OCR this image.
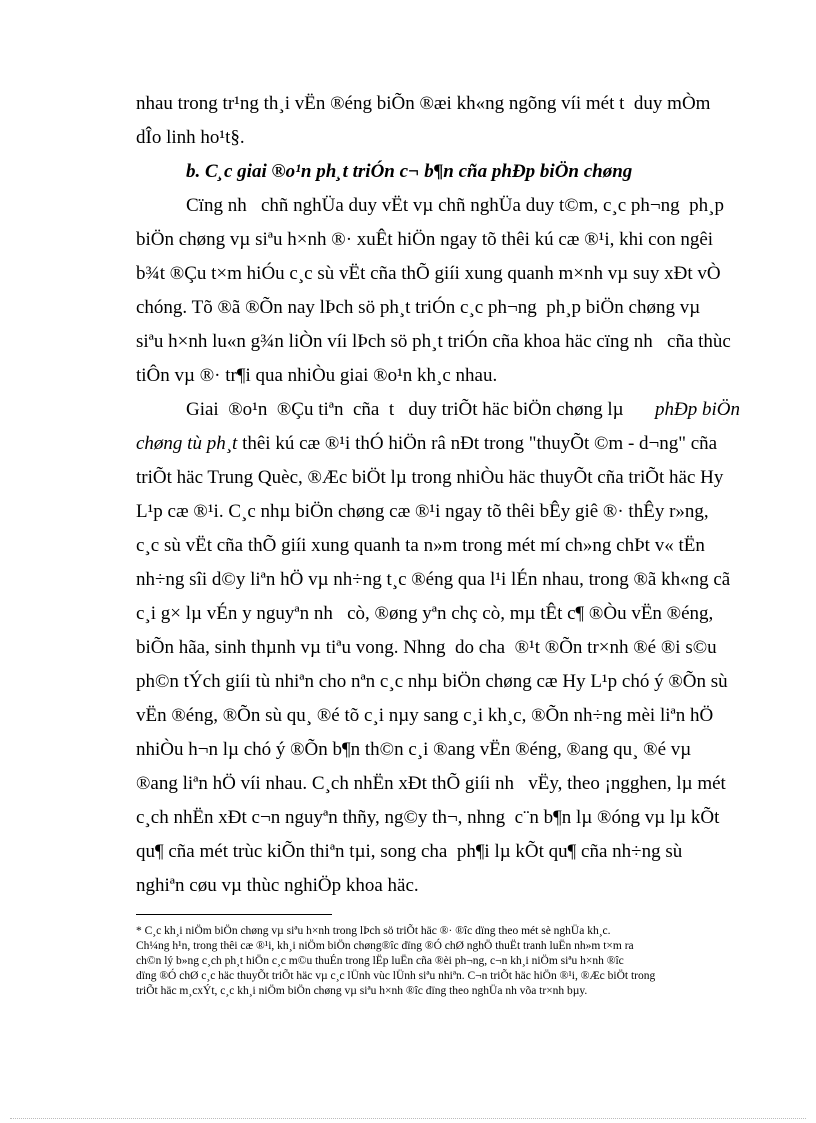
nhau trong tr¹ng th¸i vËn ®éng biÕn ®æi kh«ng ngõng víi mét t  duy mÒm
dÎo linh ho¹t§.
b. C¸c giai ®o¹n ph¸t triÓn c¬ b¶n cña phÐp biÖn chøng
Cïng nh   chñ nghÜa duy vËt vµ chñ nghÜa duy t©m, c¸c ph¬ng  ph¸p
biÖn chøng vµ siªu h×nh ®· xuÊt hiÖn ngay tõ thêi kú cæ ®¹i, khi con ngêi
b¾t ®Çu t×m hiÓu c¸c sù vËt cña thÕ giíi xung quanh m×nh vµ suy xÐt vÒ
chóng. Tõ ®ã ®Õn nay lÞch sö ph¸t triÓn c¸c ph¬ng  ph¸p biÖn chøng vµ
siªu h×nh lu«n g¾n liÒn víi lÞch sö ph¸t triÓn cña khoa häc cïng nh   cña thùc
tiÔn vµ ®· tr¶i qua nhiÒu giai ®o¹n kh¸c nhau.
Giai  ®o¹n  ®Çu tiªn  cña  t   duy triÕt häc biÖn chøng lµ phÐp biÖn
chøng tù ph¸t thêi kú cæ ®¹i thÓ hiÖn râ nÐt trong "thuyÕt ©m - d¬ng" cña
triÕt häc Trung Quèc, ®Æc biÖt lµ trong nhiÒu häc thuyÕt cña triÕt häc Hy
L¹p cæ ®¹i. C¸c nhµ biÖn chøng cæ ®¹i ngay tõ thêi bÊy giê ®· thÊy r»ng,
c¸c sù vËt cña thÕ giíi xung quanh ta n»m trong mét mí ch»ng chÞt v« tËn
nh÷ng sîi d©y liªn hÖ vµ nh÷ng t¸c ®éng qua l¹i lÉn nhau, trong ®ã kh«ng cã
c¸i g× lµ vÉn y nguyªn nh   cò, ®øng yªn chç cò, mµ tÊt c¶ ®Òu vËn ®éng,
biÕn hãa, sinh thµnh vµ tiªu vong. Nhng  do cha  ®¹t ®Õn tr×nh ®é ®i s©u
ph©n tÝch giíi tù nhiªn cho nªn c¸c nhµ biÖn chøng cæ Hy L¹p chó ý ®Õn sù
vËn ®éng, ®Õn sù qu¸ ®é tõ c¸i nµy sang c¸i kh¸c, ®Õn nh÷ng mèi liªn hÖ
nhiÒu h¬n lµ chó ý ®Õn b¶n th©n c¸i ®ang vËn ®éng, ®ang qu¸ ®é vµ
®ang liªn hÖ víi nhau. C¸ch nhËn xÐt thÕ giíi nh   vËy, theo ¡ngghen, lµ mét
c¸ch nhËn xÐt c¬n nguyªn thñy, ng©y th¬, nhng  c¨n b¶n lµ ®óng vµ lµ kÕt
qu¶ cña mét trùc kiÕn thiªn tµi, song cha  ph¶i lµ kÕt qu¶ cña nh÷ng sù
nghiªn cøu vµ thùc nghiÖp khoa häc.
* C¸c kh¸i niÖm biÖn chøng vµ siªu h×nh trong lÞch sö triÕt häc ®· ®îc dïng theo mét sè nghÜa kh¸c.
Ch¼ng h¹n, trong thêi cæ ®¹i, kh¸i niÖm biÖn chøng®îc dïng ®Ó chØ nghÖ thuËt tranh luËn nh»m t×m ra
ch©n lý b»ng c¸ch ph¸t hiÖn c¸c m©u thuÉn trong lËp luËn cña ®èi ph¬ng, c¬n kh¸i niÖm siªu h×nh ®îc
dïng ®Ó chØ c¸c häc thuyÕt triÕt häc vµ c¸c lÜnh vùc lÜnh siªu nhiªn. C¬n triÕt häc hiÖn ®¹i, ®Æc biÖt trong
triÕt häc m¸cxÝt, c¸c kh¸i niÖm biÖn chøng vµ siªu h×nh ®îc dïng theo nghÜa nh võa tr×nh bµy.
